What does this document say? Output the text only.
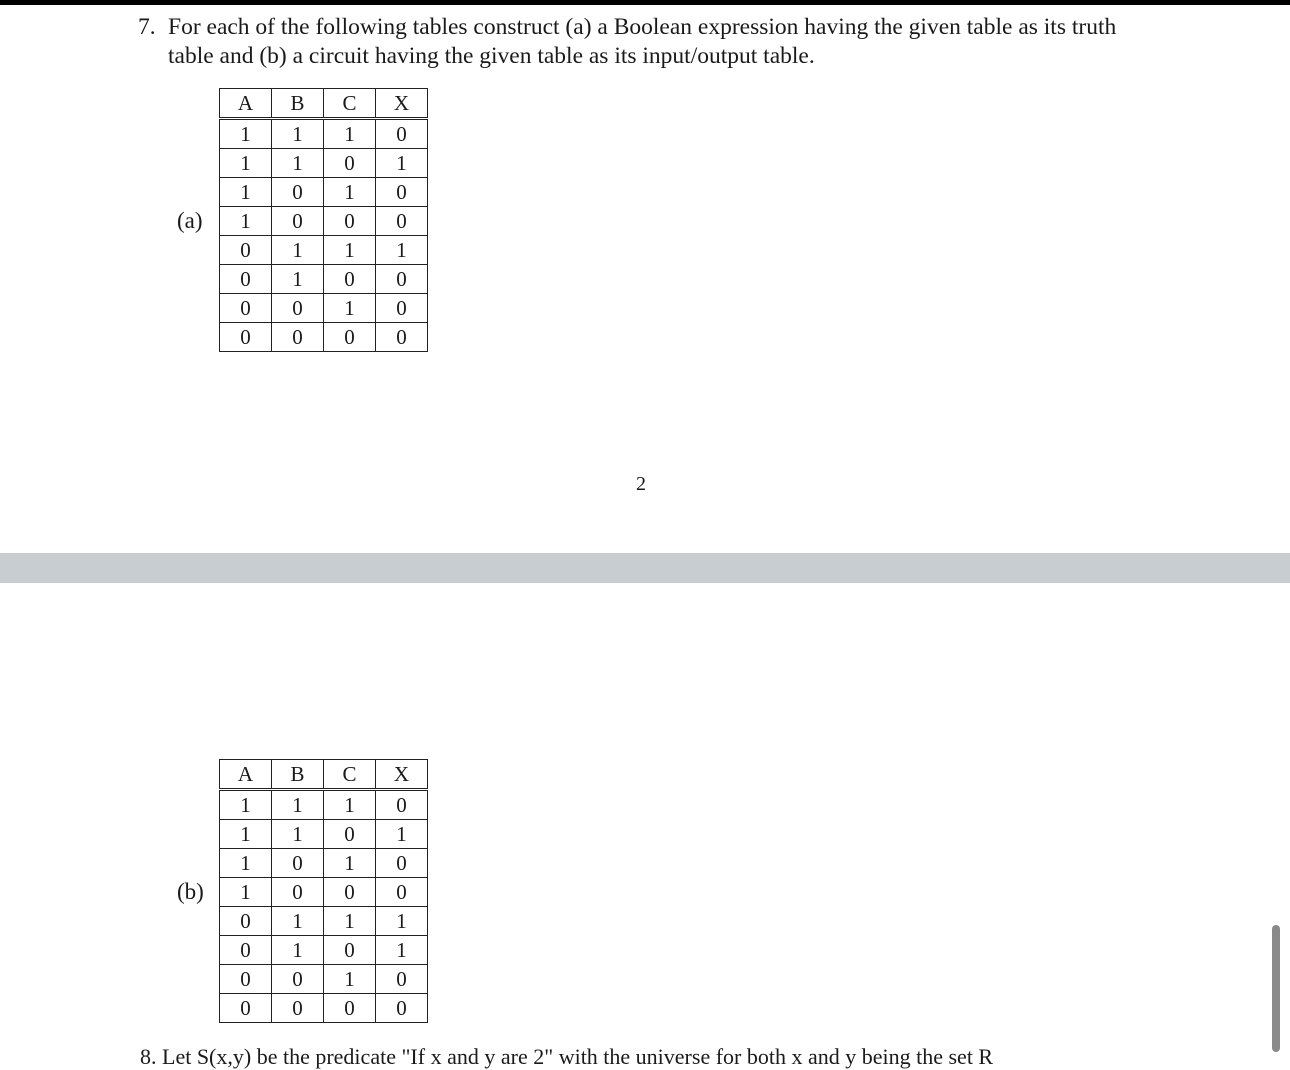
7. For each of the following tables construct (a) a Boolean expression having the given table as its truth
table and (b) a circuit having the given table as its input/output table.
(a)
A	B	C	X
1	1	1	0
1	1	0	1
1	0	1	0
1	0	0	0
0	1	1	1
0	1	0	0
0	0	1	0
0	0	0	0
2
(b)
A	B	C	X
1	1	1	0
1	1	0	1
1	0	1	0
1	0	0	0
0	1	1	1
0	1	0	1
0	0	1	0
0	0	0	0
8. Let S(x,y) be the predicate "If x and y are 2" with the universe for both x and y being the set R
